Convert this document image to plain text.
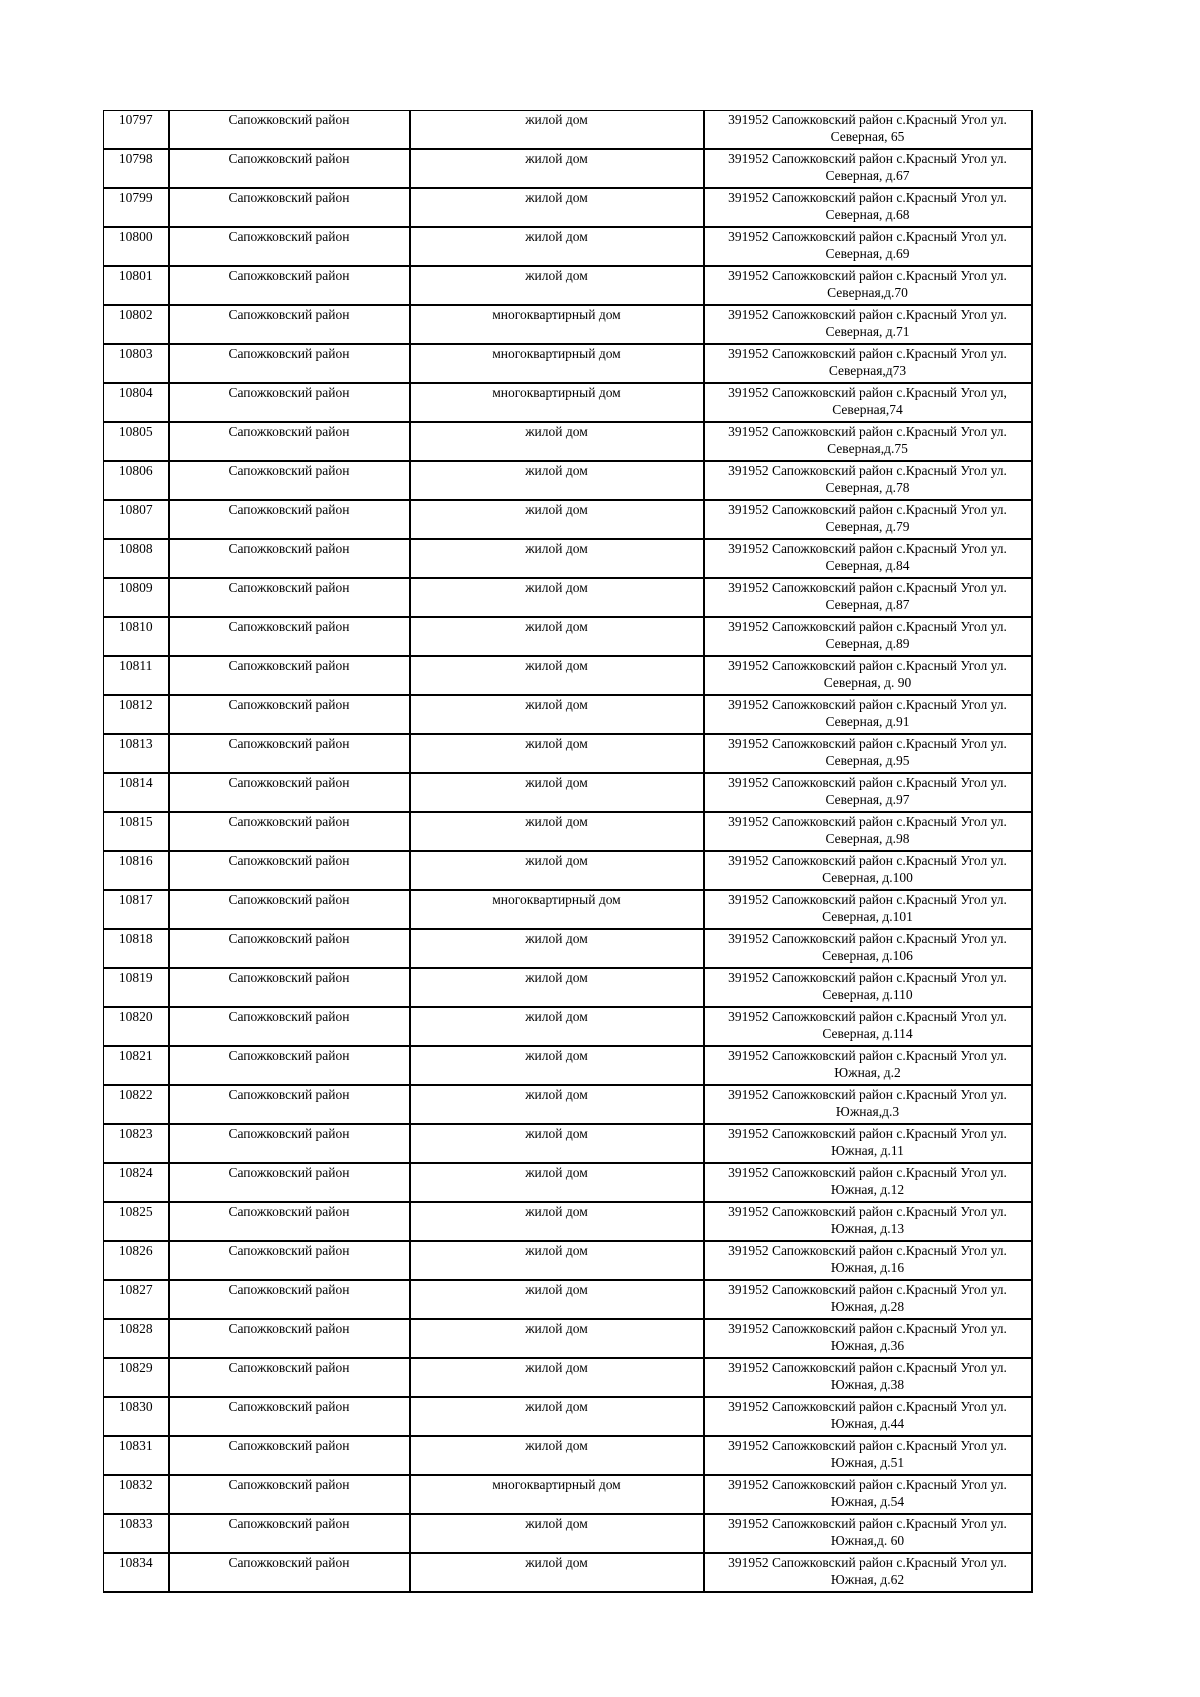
10797	Сапожковский район	жилой дом	391952 Сапожковский район с.Красный Угол ул.
Северная, 65

10798	Сапожковский район	жилой дом	391952 Сапожковский район с.Красный Угол ул.
Северная, д.67

10799	Сапожковский район	жилой дом	391952 Сапожковский район с.Красный Угол ул.
Северная, д.68

10800	Сапожковский район	жилой дом	391952 Сапожковский район с.Красный Угол ул.
Северная, д.69

10801	Сапожковский район	жилой дом	391952 Сапожковский район с.Красный Угол ул.
Северная,д.70

10802	Сапожковский район	многоквартирный дом	391952 Сапожковский район с.Красный Угол ул.
Северная, д.71

10803	Сапожковский район	многоквартирный дом	391952 Сапожковский район с.Красный Угол ул.
Северная,д73

10804	Сапожковский район	многоквартирный дом	391952 Сапожковский район с.Красный Угол ул,
Северная,74

10805	Сапожковский район	жилой дом	391952 Сапожковский район с.Красный Угол ул.
Северная,д.75

10806	Сапожковский район	жилой дом	391952 Сапожковский район с.Красный Угол ул.
Северная, д.78

10807	Сапожковский район	жилой дом	391952 Сапожковский район с.Красный Угол ул.
Северная, д.79

10808	Сапожковский район	жилой дом	391952 Сапожковский район с.Красный Угол ул.
Северная, д.84

10809	Сапожковский район	жилой дом	391952 Сапожковский район с.Красный Угол ул.
Северная, д.87

10810	Сапожковский район	жилой дом	391952 Сапожковский район с.Красный Угол ул.
Северная, д.89

10811	Сапожковский район	жилой дом	391952 Сапожковский район с.Красный Угол ул.
Северная, д. 90

10812	Сапожковский район	жилой дом	391952 Сапожковский район с.Красный Угол ул.
Северная, д.91

10813	Сапожковский район	жилой дом	391952 Сапожковский район с.Красный Угол ул.
Северная, д.95

10814	Сапожковский район	жилой дом	391952 Сапожковский район с.Красный Угол ул.
Северная, д.97

10815	Сапожковский район	жилой дом	391952 Сапожковский район с.Красный Угол ул.
Северная, д.98

10816	Сапожковский район	жилой дом	391952 Сапожковский район с.Красный Угол ул.
Северная, д.100

10817	Сапожковский район	многоквартирный дом	391952 Сапожковский район с.Красный Угол ул.
Северная, д.101

10818	Сапожковский район	жилой дом	391952 Сапожковский район с.Красный Угол ул.
Северная, д.106

10819	Сапожковский район	жилой дом	391952 Сапожковский район с.Красный Угол ул.
Северная, д.110

10820	Сапожковский район	жилой дом	391952 Сапожковский район с.Красный Угол ул.
Северная, д.114

10821	Сапожковский район	жилой дом	391952 Сапожковский район с.Красный Угол ул.
Южная, д.2

10822	Сапожковский район	жилой дом	391952 Сапожковский район с.Красный Угол ул.
Южная,д.3

10823	Сапожковский район	жилой дом	391952 Сапожковский район с.Красный Угол ул.
Южная, д.11

10824	Сапожковский район	жилой дом	391952 Сапожковский район с.Красный Угол ул.
Южная, д.12

10825	Сапожковский район	жилой дом	391952 Сапожковский район с.Красный Угол ул.
Южная, д.13

10826	Сапожковский район	жилой дом	391952 Сапожковский район с.Красный Угол ул.
Южная, д.16

10827	Сапожковский район	жилой дом	391952 Сапожковский район с.Красный Угол ул.
Южная, д.28

10828	Сапожковский район	жилой дом	391952 Сапожковский район с.Красный Угол ул.
Южная, д.36

10829	Сапожковский район	жилой дом	391952 Сапожковский район с.Красный Угол ул.
Южная, д.38

10830	Сапожковский район	жилой дом	391952 Сапожковский район с.Красный Угол ул.
Южная, д.44

10831	Сапожковский район	жилой дом	391952 Сапожковский район с.Красный Угол ул.
Южная, д.51

10832	Сапожковский район	многоквартирный дом	391952 Сапожковский район с.Красный Угол ул.
Южная, д.54

10833	Сапожковский район	жилой дом	391952 Сапожковский район с.Красный Угол ул.
Южная,д. 60

10834	Сапожковский район	жилой дом	391952 Сапожковский район с.Красный Угол ул.
Южная, д.62
